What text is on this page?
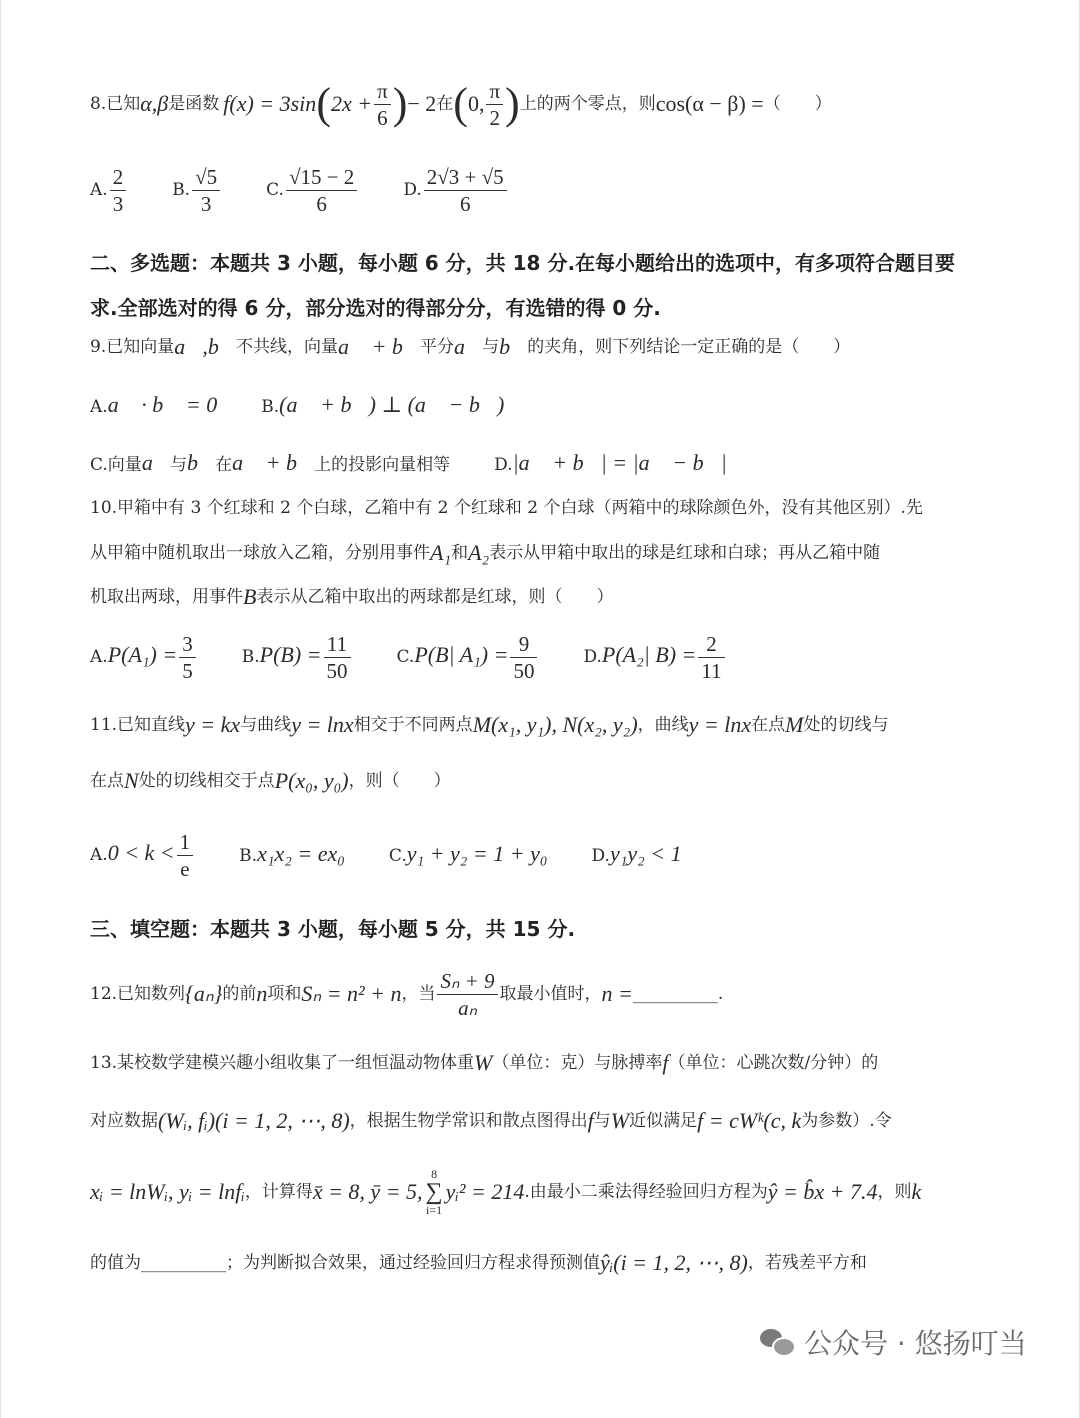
8.已知 α,β 是函数 f(x) = 3sin ( $2x + \frac{\pi}{6}$ ) − 2 在 ( 0, $\frac{\pi}{2}$ ) 上的两个零点，则 cos(α − β) = （　　）
A. $\frac{2}{3}$	B. $\frac{√5}{3}$	C. $\frac{√15 - 2}{6}$	D. $\frac{2√3 + √5}{6}$
二、多选题：本题共 3 小题，每小题 6 分，共 18 分.在每小题给出的选项中，有多项符合题目要
求.全部选对的得 6 分，部分选对的得部分分，有选错的得 0 分.
9.已知向量 a⃗,b⃗ 不共线，向量 a⃗ + b⃗ 平分 a⃗ 与 b⃗ 的夹角，则下列结论一定正确的是（　　）
A.a⃗ · b⃗ = 0	B.(a⃗ + b⃗) ⊥ (a⃗ − b⃗)
C.向量a⃗与b⃗在a⃗ + b⃗上的投影向量相等	D.|a⃗ + b⃗| = |a⃗ − b⃗|
10.甲箱中有 3 个红球和 2 个白球，乙箱中有 2 个红球和 2 个白球（两箱中的球除颜色外，没有其他区别）.先
从甲箱中随机取出一球放入乙箱，分别用事件 A₁ 和 A₂ 表示从甲箱中取出的球是红球和白球；再从乙箱中随
机取出两球，用事件 B 表示从乙箱中取出的两球都是红球，则（　　）
$A.P(A_1) = \frac{3}{5}$	$B.P(B) = \frac{11}{50}$	C.P(B| $A_1) = \frac{9}{50}$	D.P(A₂| $B) = \frac{2}{11}$
11.已知直线 y = kx 与曲线 y = lnx 相交于不同两点 M(x₁, y₁), N(x₂, y₂) ，曲线 y = lnx 在点 M 处的切线与
在点 N 处的切线相交于点 P(x₀, y₀) ，则（　　）
$A.0 < k < \frac{1}{e}$	B.x₁x₂ = ex₀	C.y₁ + y₂ = 1 + y₀	D.y₁y₂ < 1
三、填空题：本题共 3 小题，每小题 5 分，共 15 分.
12.已知数列 {aₙ} 的前 n 项和 Sₙ = n² + n ，当 $\frac{\text{Sₙ + 9}}{\text{aₙ}}$ 取最小值时， n = __________.
13.某校数学建模兴趣小组收集了一组恒温动物体重 W （单位：克）与脉搏率 f （单位：心跳次数/分钟）的
对应数据 (Wᵢ, fᵢ)(i = 1, 2, ⋯, 8) ，根据生物学常识和散点图得出 f 与 W 近似满足 f = cWᵏ(c, k 为参数）.令
xᵢ = lnWᵢ, yᵢ = lnfᵢ ，计算得 x̄ = 8, ȳ = 5,
8
∑
i=1
yᵢ² = 214 .由最小二乘法得经验回归方程为 ŷ = b̂x + 7.4 ，则 k
的值为__________；为判断拟合效果，通过经验回归方程求得预测值 ŷᵢ(i = 1, 2, ⋯, 8) ，若残差平方和
公众号 · 悠扬叮当
